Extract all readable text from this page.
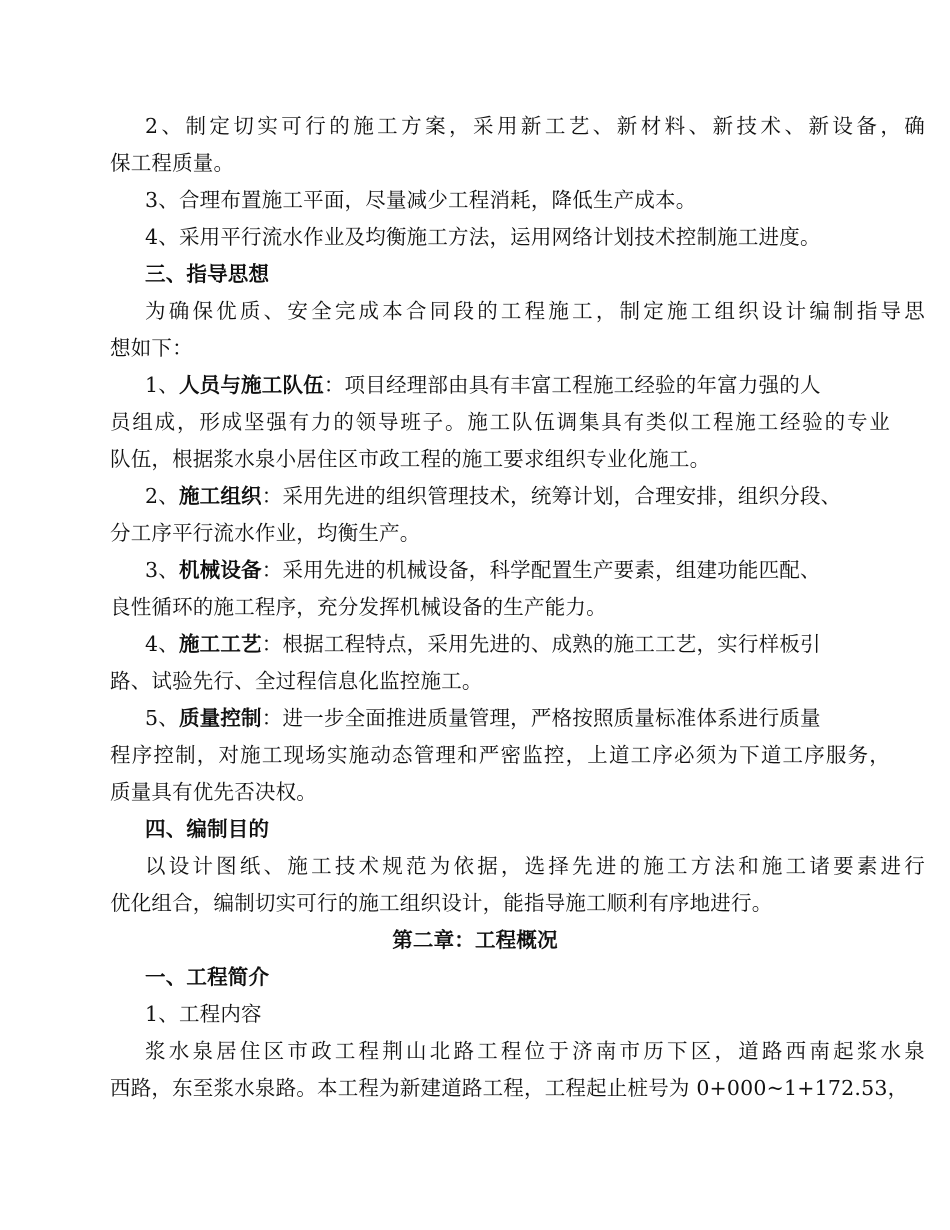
2、制定切实可行的施工方案，采用新工艺、新材料、新技术、新设备，确
保工程质量。
3、合理布置施工平面，尽量减少工程消耗，降低生产成本。
4、采用平行流水作业及均衡施工方法，运用网络计划技术控制施工进度。
三、指导思想
为确保优质、安全完成本合同段的工程施工，制定施工组织设计编制指导思
想如下：
1、人员与施工队伍：项目经理部由具有丰富工程施工经验的年富力强的人
员组成，形成坚强有力的领导班子。施工队伍调集具有类似工程施工经验的专业
队伍，根据浆水泉小居住区市政工程的施工要求组织专业化施工。
2、施工组织：采用先进的组织管理技术，统筹计划，合理安排，组织分段、
分工序平行流水作业，均衡生产。
3、机械设备：采用先进的机械设备，科学配置生产要素，组建功能匹配、
良性循环的施工程序，充分发挥机械设备的生产能力。
4、施工工艺：根据工程特点，采用先进的、成熟的施工工艺，实行样板引
路、试验先行、全过程信息化监控施工。
5、质量控制：进一步全面推进质量管理，严格按照质量标准体系进行质量
程序控制，对施工现场实施动态管理和严密监控，上道工序必须为下道工序服务，
质量具有优先否决权。
四、编制目的
以设计图纸、施工技术规范为依据，选择先进的施工方法和施工诸要素进行
优化组合，编制切实可行的施工组织设计，能指导施工顺利有序地进行。
第二章：工程概况
一、工程简介
1、工程内容
浆水泉居住区市政工程荆山北路工程位于济南市历下区，道路西南起浆水泉
西路，东至浆水泉路。本工程为新建道路工程，工程起止桩号为 0+000~1+172.53，
